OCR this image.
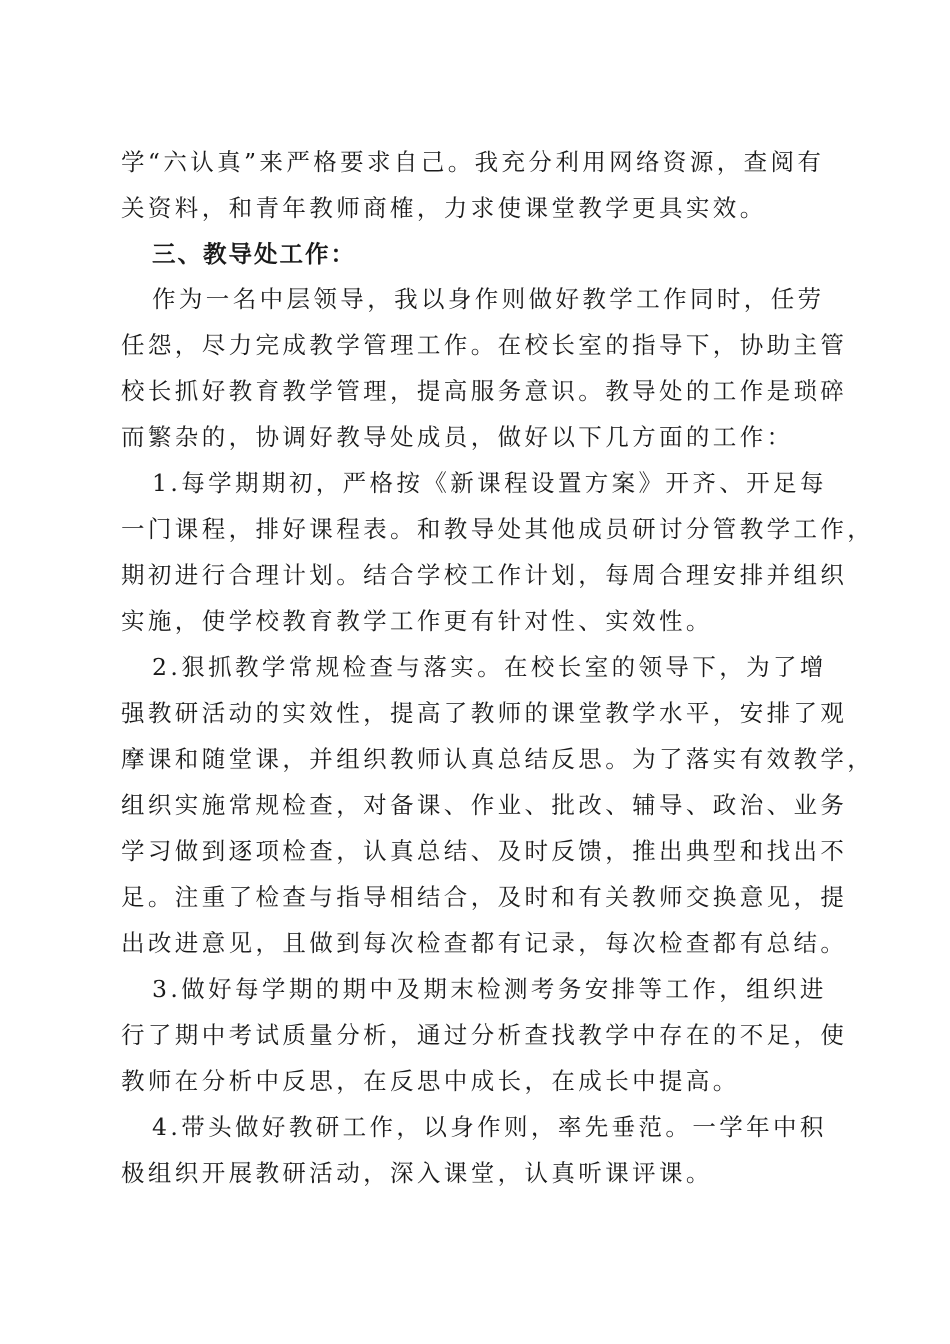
学“六认真”来严格要求自己。我充分利用网络资源，查阅有
关资料，和青年教师商榷，力求使课堂教学更具实效。
三、教导处工作：
作为一名中层领导，我以身作则做好教学工作同时，任劳
任怨，尽力完成教学管理工作。在校长室的指导下，协助主管
校长抓好教育教学管理，提高服务意识。教导处的工作是琐碎
而繁杂的，协调好教导处成员，做好以下几方面的工作：
1.每学期期初，严格按《新课程设置方案》开齐、开足每
一门课程，排好课程表。和教导处其他成员研讨分管教学工作，
期初进行合理计划。结合学校工作计划，每周合理安排并组织
实施，使学校教育教学工作更有针对性、实效性。
2.狠抓教学常规检查与落实。在校长室的领导下，为了增
强教研活动的实效性，提高了教师的课堂教学水平，安排了观
摩课和随堂课，并组织教师认真总结反思。为了落实有效教学，
组织实施常规检查，对备课、作业、批改、辅导、政治、业务
学习做到逐项检查，认真总结、及时反馈，推出典型和找出不
足。注重了检查与指导相结合，及时和有关教师交换意见，提
出改进意见，且做到每次检查都有记录，每次检查都有总结。
3.做好每学期的期中及期末检测考务安排等工作，组织进
行了期中考试质量分析，通过分析查找教学中存在的不足，使
教师在分析中反思，在反思中成长，在成长中提高。
4.带头做好教研工作，以身作则，率先垂范。一学年中积
极组织开展教研活动，深入课堂，认真听课评课。
